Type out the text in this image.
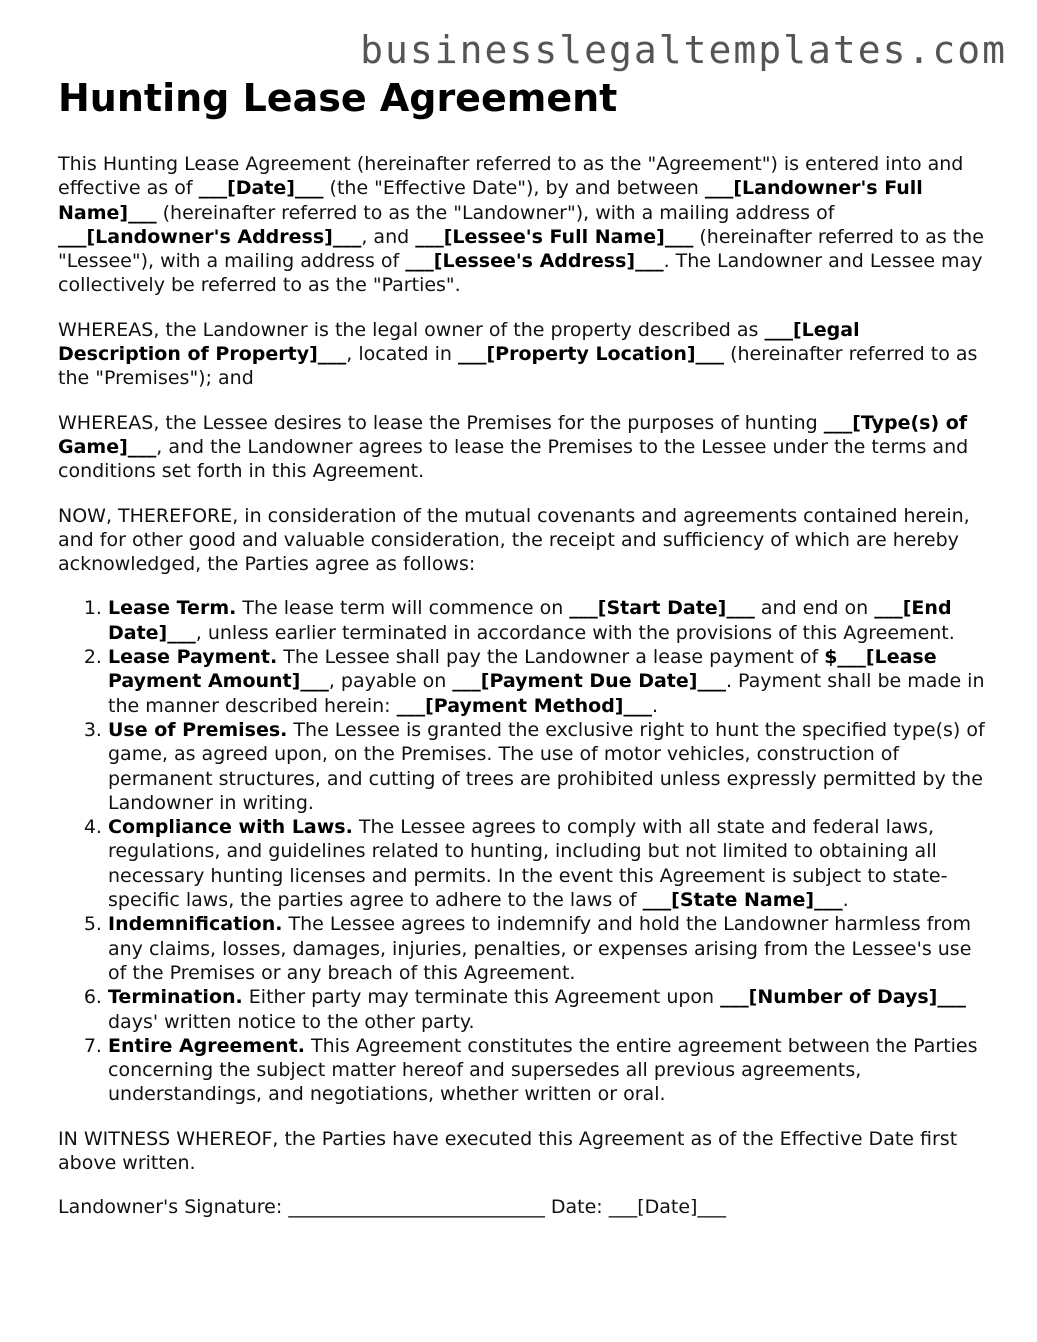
businesslegaltemplates.com
Hunting Lease Agreement

This Hunting Lease Agreement (hereinafter referred to as the "Agreement") is entered into and effective as of ___[Date]___ (the "Effective Date"), by and between ___[Landowner's Full Name]___ (hereinafter referred to as the "Landowner"), with a mailing address of ___[Landowner's Address]___, and ___[Lessee's Full Name]___ (hereinafter referred to as the "Lessee"), with a mailing address of ___[Lessee's Address]___. The Landowner and Lessee may collectively be referred to as the "Parties".

WHEREAS, the Landowner is the legal owner of the property described as ___[Legal Description of Property]___, located in ___[Property Location]___ (hereinafter referred to as the "Premises"); and

WHEREAS, the Lessee desires to lease the Premises for the purposes of hunting ___[Type(s) of Game]___, and the Landowner agrees to lease the Premises to the Lessee under the terms and conditions set forth in this Agreement.

NOW, THEREFORE, in consideration of the mutual covenants and agreements contained herein, and for other good and valuable consideration, the receipt and sufficiency of which are hereby acknowledged, the Parties agree as follows:

1. Lease Term. The lease term will commence on ___[Start Date]___ and end on ___[End Date]___, unless earlier terminated in accordance with the provisions of this Agreement.
2. Lease Payment. The Lessee shall pay the Landowner a lease payment of $___[Lease Payment Amount]___, payable on ___[Payment Due Date]___. Payment shall be made in the manner described herein: ___[Payment Method]___.
3. Use of Premises. The Lessee is granted the exclusive right to hunt the specified type(s) of game, as agreed upon, on the Premises. The use of motor vehicles, construction of permanent structures, and cutting of trees are prohibited unless expressly permitted by the Landowner in writing.
4. Compliance with Laws. The Lessee agrees to comply with all state and federal laws, regulations, and guidelines related to hunting, including but not limited to obtaining all necessary hunting licenses and permits. In the event this Agreement is subject to state-specific laws, the parties agree to adhere to the laws of ___[State Name]___.
5. Indemnification. The Lessee agrees to indemnify and hold the Landowner harmless from any claims, losses, damages, injuries, penalties, or expenses arising from the Lessee's use of the Premises or any breach of this Agreement.
6. Termination. Either party may terminate this Agreement upon ___[Number of Days]___ days' written notice to the other party.
7. Entire Agreement. This Agreement constitutes the entire agreement between the Parties concerning the subject matter hereof and supersedes all previous agreements, understandings, and negotiations, whether written or oral.

IN WITNESS WHEREOF, the Parties have executed this Agreement as of the Effective Date first above written.

Landowner's Signature: ___________________________ Date: ___[Date]___
